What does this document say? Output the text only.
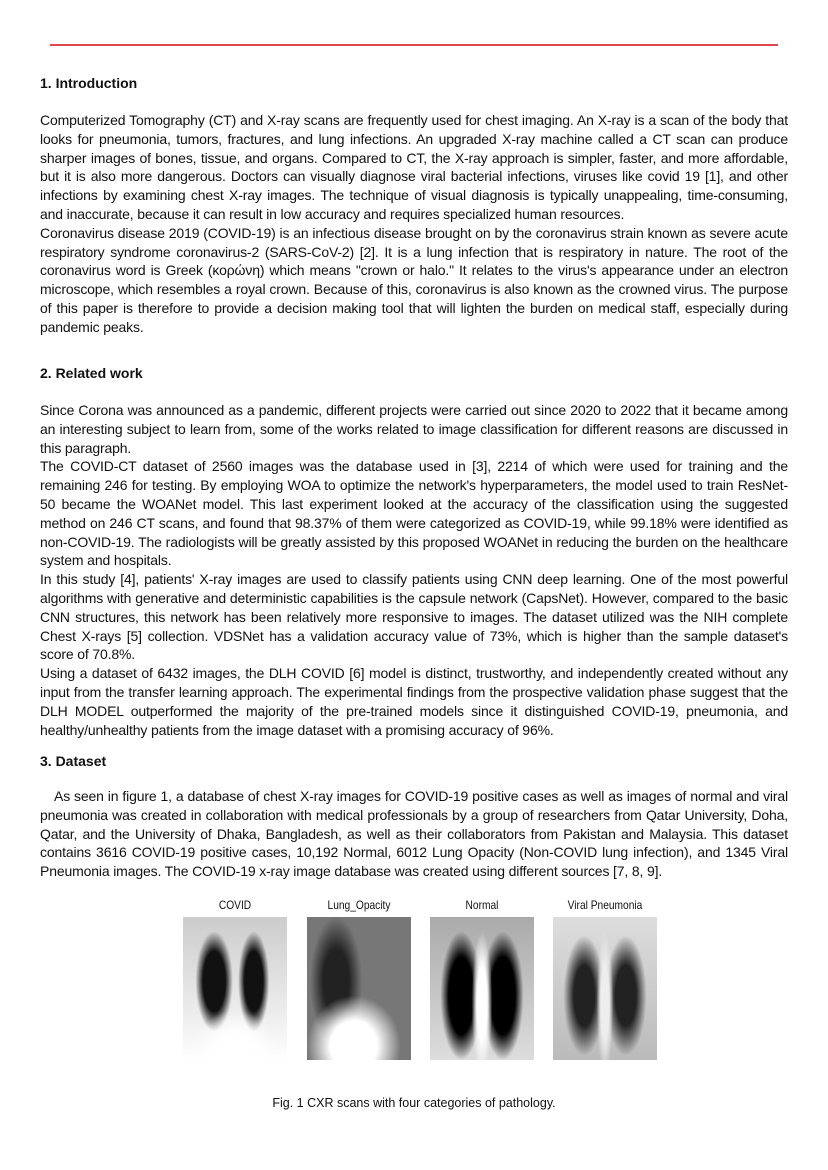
1. Introduction

Computerized Tomography (CT) and X-ray scans are frequently used for chest imaging. An X-ray is a scan of the body that looks for pneumonia, tumors, fractures, and lung infections. An upgraded X-ray machine called a CT scan can produce sharper images of bones, tissue, and organs. Compared to CT, the X-ray approach is simpler, faster, and more affordable, but it is also more dangerous. Doctors can visually diagnose viral bacterial infections, viruses like covid 19 [1], and other infections by examining chest X-ray images. The technique of visual diagnosis is typically unappealing, time-consuming, and inaccurate, because it can result in low accuracy and requires specialized human resources.

Coronavirus disease 2019 (COVID-19) is an infectious disease brought on by the coronavirus strain known as severe acute respiratory syndrome coronavirus-2 (SARS-CoV-2) [2]. It is a lung infection that is respiratory in nature. The root of the coronavirus word is Greek (κορώνη) which means "crown or halo." It relates to the virus's appearance under an electron microscope, which resembles a royal crown. Because of this, coronavirus is also known as the crowned virus. The purpose of this paper is therefore to provide a decision making tool that will lighten the burden on medical staff, especially during pandemic peaks.

2. Related work

Since Corona was announced as a pandemic, different projects were carried out since 2020 to 2022 that it became among an interesting subject to learn from, some of the works related to image classification for different reasons are discussed in this paragraph.

The COVID-CT dataset of 2560 images was the database used in [3], 2214 of which were used for training and the remaining 246 for testing. By employing WOA to optimize the network's hyperparameters, the model used to train ResNet-50 became the WOANet model. This last experiment looked at the accuracy of the classification using the suggested method on 246 CT scans, and found that 98.37% of them were categorized as COVID-19, while 99.18% were identified as non-COVID-19. The radiologists will be greatly assisted by this proposed WOANet in reducing the burden on the healthcare system and hospitals.

In this study [4], patients' X-ray images are used to classify patients using CNN deep learning. One of the most powerful algorithms with generative and deterministic capabilities is the capsule network (CapsNet). However, compared to the basic CNN structures, this network has been relatively more responsive to images. The dataset utilized was the NIH complete Chest X-rays [5] collection. VDSNet has a validation accuracy value of 73%, which is higher than the sample dataset's score of 70.8%.

Using a dataset of 6432 images, the DLH COVID [6] model is distinct, trustworthy, and independently created without any input from the transfer learning approach. The experimental findings from the prospective validation phase suggest that the DLH MODEL outperformed the majority of the pre-trained models since it distinguished COVID-19, pneumonia, and healthy/unhealthy patients from the image dataset with a promising accuracy of 96%.

3. Dataset

As seen in figure 1, a database of chest X-ray images for COVID-19 positive cases as well as images of normal and viral pneumonia was created in collaboration with medical professionals by a group of researchers from Qatar University, Doha, Qatar, and the University of Dhaka, Bangladesh, as well as their collaborators from Pakistan and Malaysia. This dataset contains 3616 COVID-19 positive cases, 10,192 Normal, 6012 Lung Opacity (Non-COVID lung infection), and 1345 Viral Pneumonia images. The COVID-19 x-ray image database was created using different sources [7, 8, 9].

COVID	Lung_Opacity	Normal	Viral Pneumonia
Fig. 1 CXR scans with four categories of pathology.
